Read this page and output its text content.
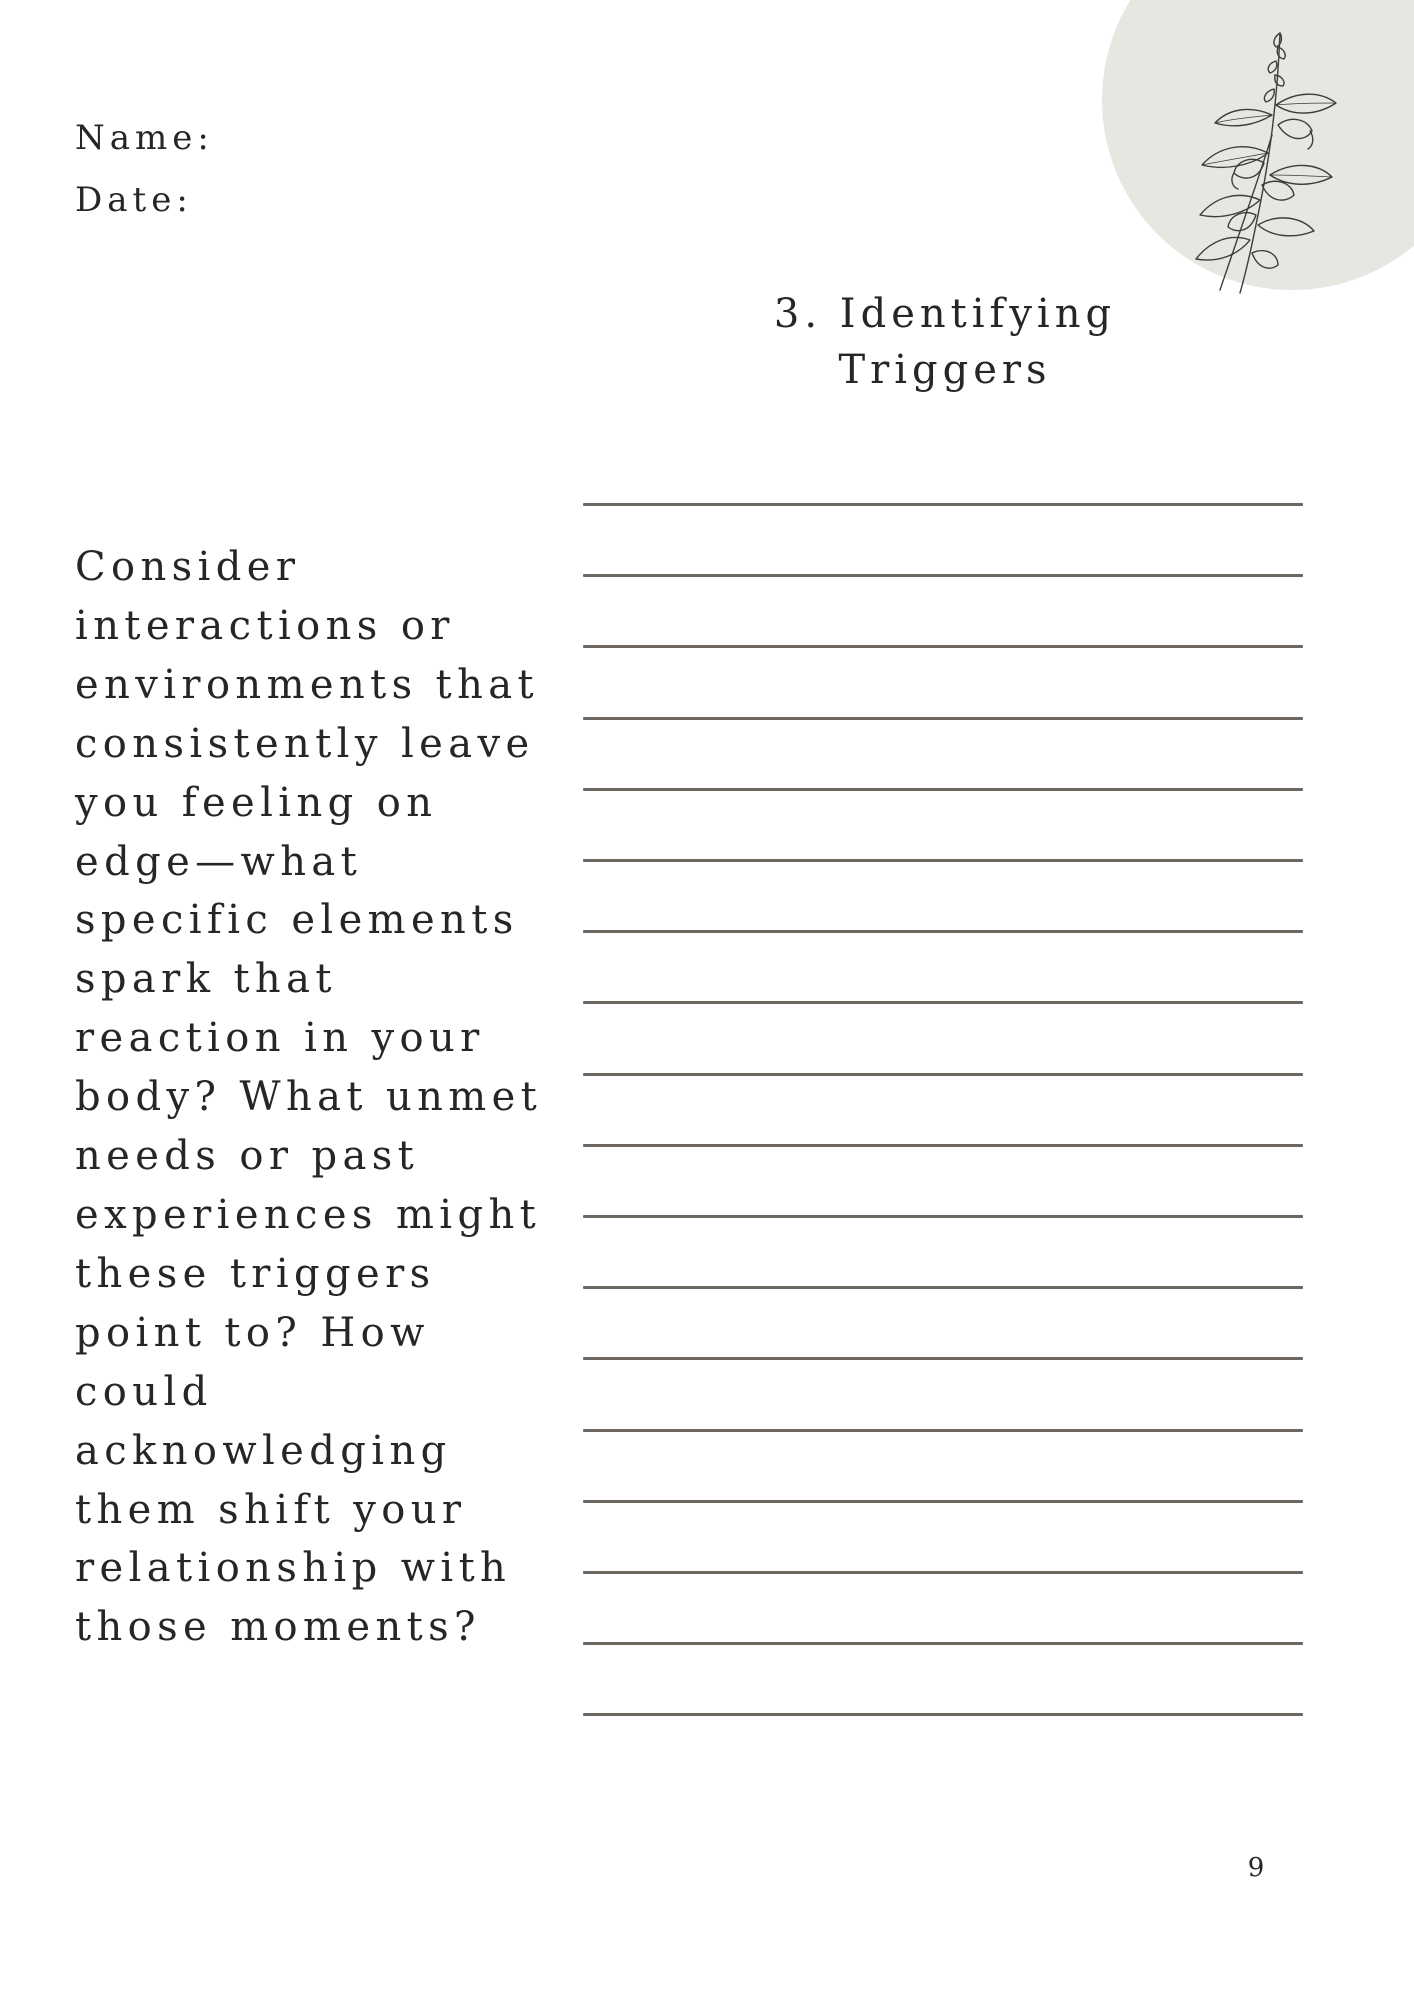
Name:

Date:

3. Identifying
Triggers

Consider
interactions or
environments that
consistently leave
you feeling on
edge—what
specific elements
spark that
reaction in your
body? What unmet
needs or past
experiences might
these triggers
point to? How
could
acknowledging
them shift your
relationship with
those moments?

9
